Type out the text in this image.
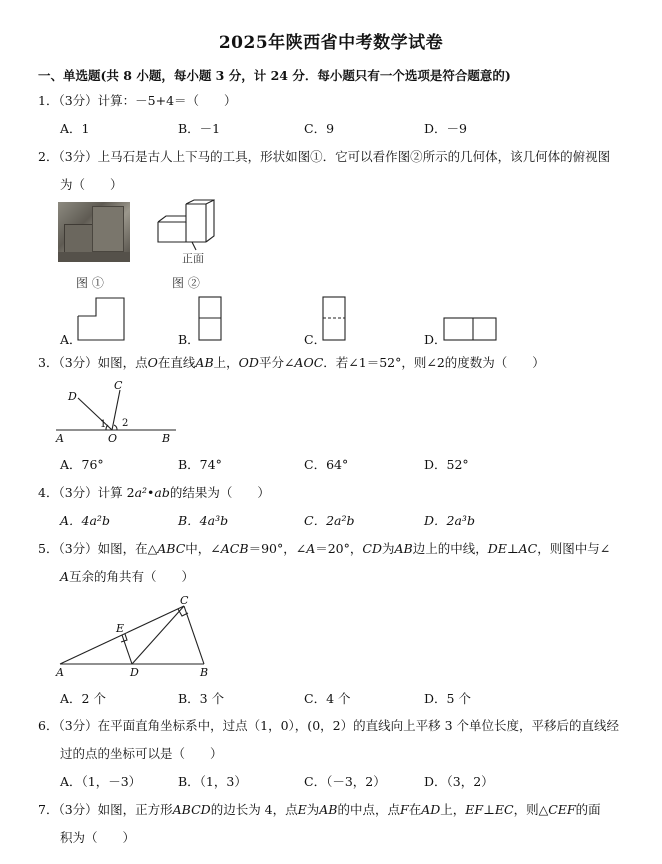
2025年陕西省中考数学试卷
一、单选题(共 8 小题，每小题 3 分，计 24 分．每小题只有一个选项是符合题意的)
1．（3分）计算：－5+4＝（　　）
A．1	B．－1	C．9	D．－9
2．（3分）上马石是古人上下马的工具，形状如图①．它可以看作图②所示的几何体，该几何体的俯视图
为（　　）
图 ①
正面
图 ②
A．	B．	C．	D．
3．（3分）如图，点O在直线AB上，OD平分∠AOC．若∠1＝52°，则∠2的度数为（　　）
D
C
A	O	B
1 2
A．76°	B．74°	C．64°	D．52°
4．（3分）计算 2a²•ab的结果为（　　）
A．4a²b	B．4a³b	C．2a²b	D．2a³b
5．（3分）如图，在△ABC中，∠ACB＝90°，∠A＝20°，CD为AB边上的中线，DE⊥AC，则图中与∠
A互余的角共有（　　）
A	B
C
D
E
A．2 个	B．3 个	C．4 个	D．5 个
6．（3分）在平面直角坐标系中，过点（1，0），(0，2）的直线向上平移 3 个单位长度，平移后的直线经
过的点的坐标可以是（　　）
A．（1，－3）	B．（1，3）	C．（－3，2）	D．（3，2）
7．（3分）如图，正方形ABCD的边长为 4，点E为AB的中点，点F在AD上，EF⊥EC，则△CEF的面
积为（　　）
